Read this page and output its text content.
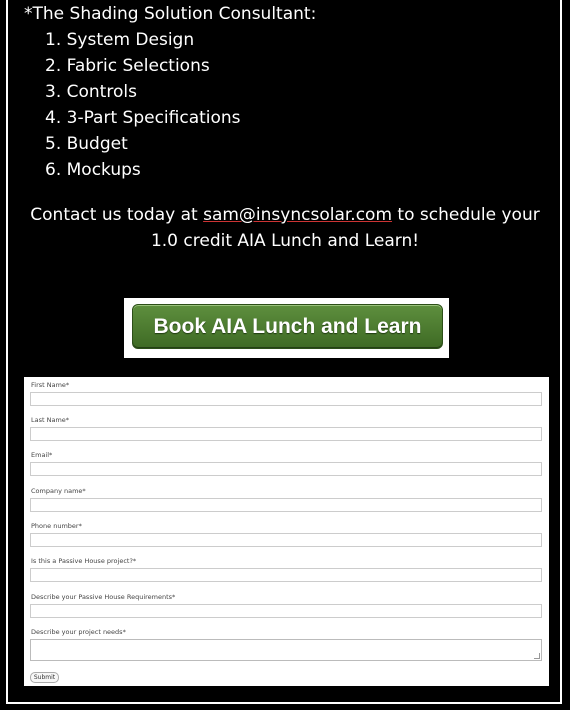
*The Shading Solution Consultant:
1. System Design
2. Fabric Selections
3. Controls
4. 3-Part Specifications
5. Budget
6. Mockups
Contact us today at sam@insyncsolar.com to schedule your 1.0 credit AIA Lunch and Learn!
Book AIA Lunch and Learn
First Name*
Last Name*
Email*
Company name*
Phone number*
Is this a Passive House project?*
Describe your Passive House Requirements*
Describe your project needs*
Submit
